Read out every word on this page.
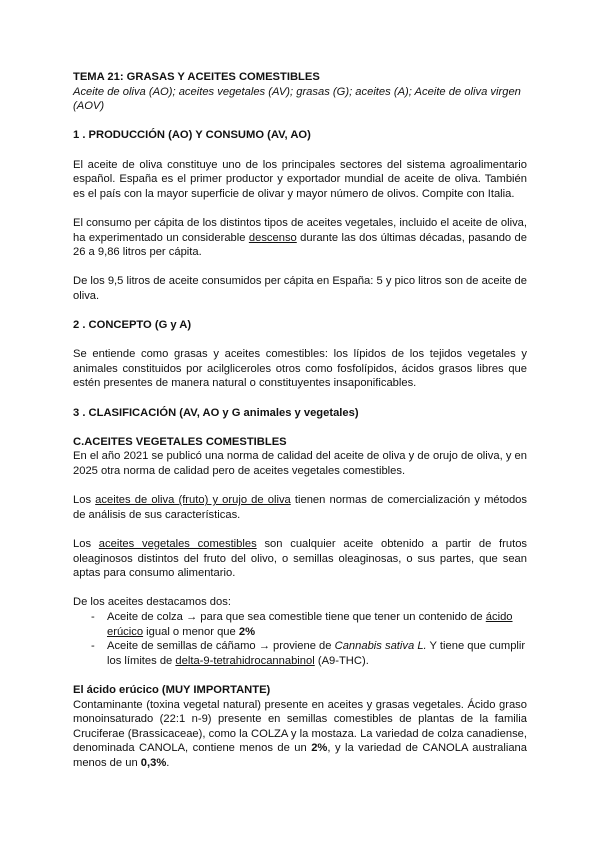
TEMA 21: GRASAS Y ACEITES COMESTIBLES

Aceite de oliva (AO); aceites vegetales (AV); grasas (G); aceites (A); Aceite de oliva virgen (AOV)

1 . PRODUCCIÓN (AO) Y CONSUMO (AV, AO)

El aceite de oliva constituye uno de los principales sectores del sistema agroalimentario español. España es el primer productor y exportador mundial de aceite de oliva. También es el país con la mayor superficie de olivar y mayor número de olivos. Compite con Italia.

El consumo per cápita de los distintos tipos de aceites vegetales, incluido el aceite de oliva, ha experimentado un considerable descenso durante las dos últimas décadas, pasando de 26 a 9,86 litros per cápita.

De los 9,5 litros de aceite consumidos per cápita en España: 5 y pico litros son de aceite de oliva.

2 . CONCEPTO (G y A)

Se entiende como grasas y aceites comestibles: los lípidos de los tejidos vegetales y animales constituidos por acilgliceroles otros como fosfolípidos, ácidos grasos libres que estén presentes de manera natural o constituyentes insaponificables.

3 . CLASIFICACIÓN (AV, AO y G animales y vegetales)

C.ACEITES VEGETALES COMESTIBLES

En el año 2021 se publicó una norma de calidad del aceite de oliva y de orujo de oliva, y en 2025 otra norma de calidad pero de aceites vegetales comestibles.

Los aceites de oliva (fruto) y orujo de oliva tienen normas de comercialización y métodos de análisis de sus características.

Los aceites vegetales comestibles son cualquier aceite obtenido a partir de frutos oleaginosos distintos del fruto del olivo, o semillas oleaginosas, o sus partes, que sean aptas para consumo alimentario.

De los aceites destacamos dos:

- Aceite de colza → para que sea comestible tiene que tener un contenido de ácido erúcico igual o menor que 2%
- Aceite de semillas de cáñamo → proviene de Cannabis sativa L. Y tiene que cumplir los límites de delta-9-tetrahidrocannabinol (A9-THC).

El ácido erúcico (MUY IMPORTANTE)

Contaminante (toxina vegetal natural) presente en aceites y grasas vegetales. Ácido graso monoinsaturado (22:1 n-9) presente en semillas comestibles de plantas de la familia Cruciferae (Brassicaceae), como la COLZA y la mostaza. La variedad de colza canadiense, denominada CANOLA, contiene menos de un 2%, y la variedad de CANOLA australiana menos de un 0,3%.
